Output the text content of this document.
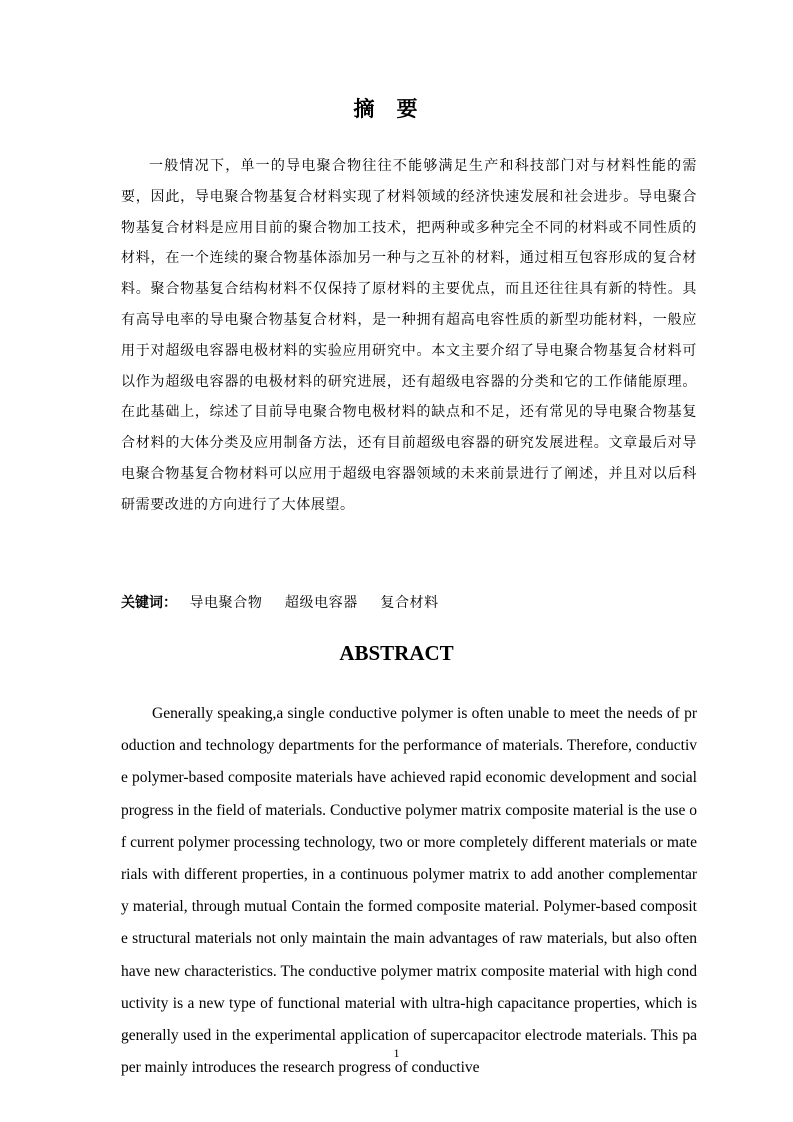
摘要

一般情况下，单一的导电聚合物往往不能够满足生产和科技部门对与材料性能的需要，因此，导电聚合物基复合材料实现了材料领域的经济快速发展和社会进步。导电聚合物基复合材料是应用目前的聚合物加工技术，把两种或多种完全不同的材料或不同性质的材料，在一个连续的聚合物基体添加另一种与之互补的材料，通过相互包容形成的复合材料。聚合物基复合结构材料不仅保持了原材料的主要优点，而且还往往具有新的特性。具有高导电率的导电聚合物基复合材料，是一种拥有超高电容性质的新型功能材料，一般应用于对超级电容器电极材料的实验应用研究中。本文主要介绍了导电聚合物基复合材料可以作为超级电容器的电极材料的研究进展，还有超级电容器的分类和它的工作储能原理。在此基础上，综述了目前导电聚合物电极材料的缺点和不足，还有常见的导电聚合物基复合材料的大体分类及应用制备方法，还有目前超级电容器的研究发展进程。文章最后对导电聚合物基复合物材料可以应用于超级电容器领域的未来前景进行了阐述，并且对以后科研需要改进的方向进行了大体展望。

关键词： 导电聚合物 超级电容器 复合材料
ABSTRACT

Generally speaking,a single conductive polymer is often unable to meet the needs of production and technology departments for the performance of materials. Therefore, conductive polymer-based composite materials have achieved rapid economic development and social progress in the field of materials. Conductive polymer matrix composite material is the use of current polymer processing technology, two or more completely different materials or materials with different properties, in a continuous polymer matrix to add another complementary material, through mutual Contain the formed composite material. Polymer-based composite structural materials not only maintain the main advantages of raw materials, but also often have new characteristics. The conductive polymer matrix composite material with high conductivity is a new type of functional material with ultra-high capacitance properties, which is generally used in the experimental application of supercapacitor electrode materials. This paper mainly introduces the research progress of conductive

1
